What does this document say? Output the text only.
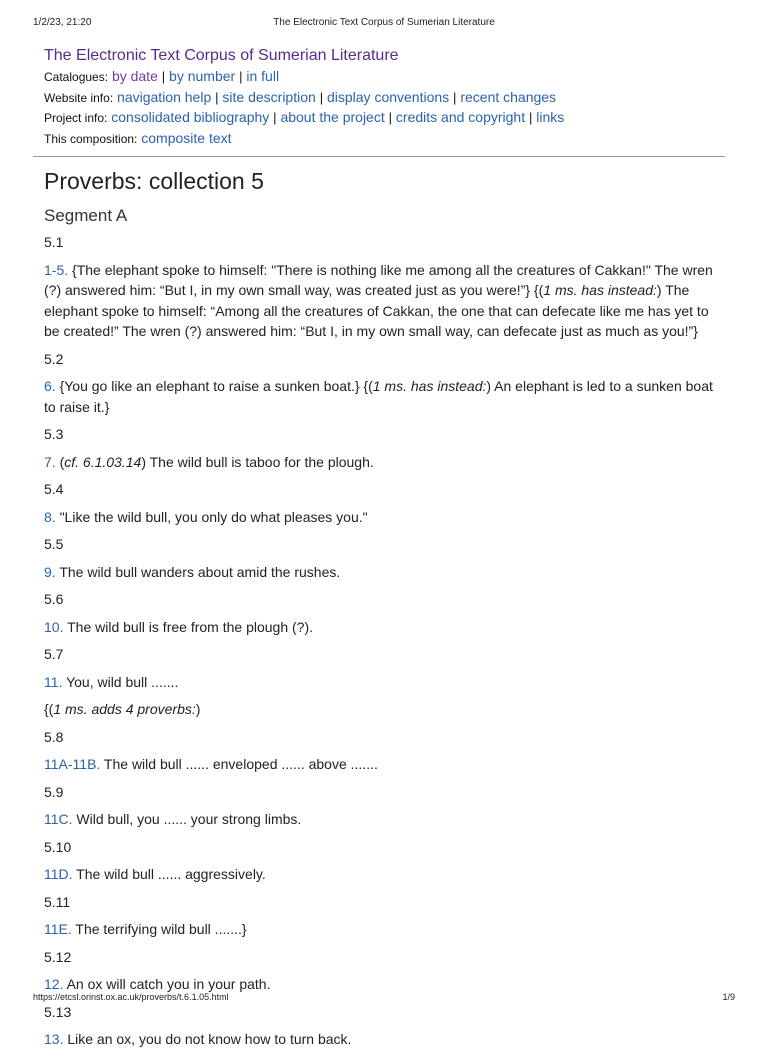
1/2/23, 21:20	The Electronic Text Corpus of Sumerian Literature
The Electronic Text Corpus of Sumerian Literature
Catalogues: by date | by number | in full
Website info: navigation help | site description | display conventions | recent changes
Project info: consolidated bibliography | about the project | credits and copyright | links
This composition: composite text
Proverbs: collection 5
Segment A
5.1
1-5. {The elephant spoke to himself: "There is nothing like me among all the creatures of Cakkan!" The wren (?) answered him: “But I, in my own small way, was created just as you were!”} {(1 ms. has instead:) The elephant spoke to himself: “Among all the creatures of Cakkan, the one that can defecate like me has yet to be created!” The wren (?) answered him: “But I, in my own small way, can defecate just as much as you!”}
5.2
6. {You go like an elephant to raise a sunken boat.} {(1 ms. has instead:) An elephant is led to a sunken boat to raise it.}
5.3
7. (cf. 6.1.03.14) The wild bull is taboo for the plough.
5.4
8. "Like the wild bull, you only do what pleases you."
5.5
9. The wild bull wanders about amid the rushes.
5.6
10. The wild bull is free from the plough (?).
5.7
11. You, wild bull .......
{(1 ms. adds 4 proverbs:)
5.8
11A-11B. The wild bull ...... enveloped ...... above .......
5.9
11C. Wild bull, you ...... your strong limbs.
5.10
11D. The wild bull ...... aggressively.
5.11
11E. The terrifying wild bull .......}
5.12
12. An ox will catch you in your path.
5.13
13. Like an ox, you do not know how to turn back.
https://etcsl.orinst.ox.ac.uk/proverbs/t.6.1.05.html	1/9
